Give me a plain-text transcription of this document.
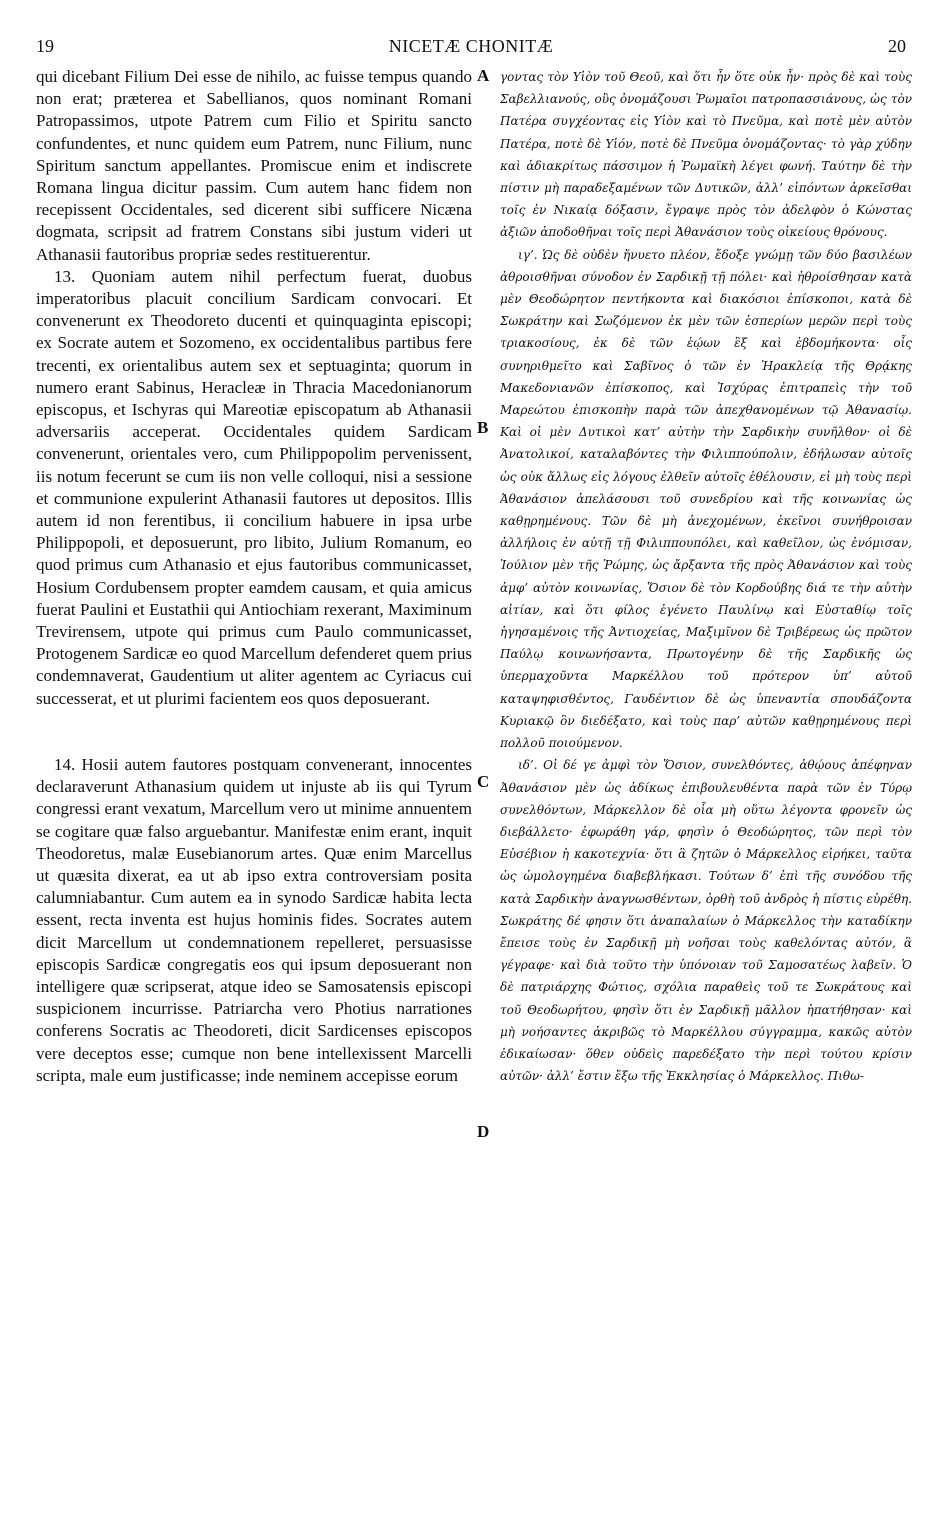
19	NICETÆ CHONITÆ	20

qui dicebant Filium Dei esse de nihilo, ac fuisse tempus quando non erat; præterea et Sabellianos, quos nominant Romani Patropassimos, utpote Patrem cum Filio et Spiritu sancto confundentes, et nunc quidem eum Patrem, nunc Filium, nunc Spiritum sanctum appellantes. Promiscue enim et indiscrete Romana lingua dicitur passim. Cum autem hanc fidem non recepissent Occidentales, sed dicerent sibi sufficere Nicæna dogmata, scripsit ad fratrem Constans sibi justum videri ut Athanasii fautoribus propriæ sedes restituerentur.

13. Quoniam autem nihil perfectum fuerat, duobus imperatoribus placuit concilium Sardicam convocari. Et convenerunt ex Theodoreto ducenti et quinquaginta episcopi; ex Socrate autem et Sozomeno, ex occidentalibus partibus fere trecenti, ex orientalibus autem sex et septuaginta; quorum in numero erant Sabinus, Heracleæ in Thracia Macedonianorum episcopus, et Ischyras qui Mareotiæ episcopatum ab Athanasii adversariis acceperat. Occidentales quidem Sardicam convenerunt, orientales vero, cum Philippopolim pervenissent, iis notum fecerunt se cum iis non velle colloqui, nisi a sessione et communione expulerint Athanasii fautores ut depositos. Illis autem id non ferentibus, ii concilium habuere in ipsa urbe Philippopoli, et deposuerunt, pro libito, Julium Romanum, eo quod primus cum Athanasio et ejus fautoribus communicasset, Hosium Cordubensem propter eamdem causam, et quia amicus fuerat Paulini et Eustathii qui Antiochiam rexerant, Maximinum Trevirensem, utpote qui primus cum Paulo communicasset, Protogenem Sardicæ eo quod Marcellum defenderet quem prius condemnaverat, Gaudentium ut aliter agentem ac Cyriacus cui successerat, et ut plurimi facientem eos quos deposuerant.

14. Hosii autem fautores postquam convenerant, innocentes declaraverunt Athanasium quidem ut injuste ab iis qui Tyrum congressi erant vexatum, Marcellum vero ut minime annuentem se cogitare quæ falso arguebantur. Manifestæ enim erant, inquit Theodoretus, malæ Eusebianorum artes. Quæ enim Marcellus ut quæsita dixerat, ea ut ab ipso extra controversiam posita calumniabantur. Cum autem ea in synodo Sardicæ habita lecta essent, recta inventa est hujus hominis fides. Socrates autem dicit Marcellum ut condemnationem repelleret, persuasisse episcopis Sardicæ congregatis eos qui ipsum deposuerant non intelligere quæ scripserat, atque ideo se Samosatensis episcopi suspicionem incurrisse. Patriarcha vero Photius narrationes conferens Socratis ac Theodoreti, dicit Sardicenses episcopos vere deceptos esse; cumque non bene intellexissent Marcelli scripta, male eum justificasse; inde neminem accepisse eorum

A
B
C
D

γοντας τὸν Υἱὸν τοῦ Θεοῦ, καὶ ὅτι ἦν ὅτε οὐκ ἦν· πρὸς δὲ καὶ τοὺς Σαβελλιανούς, οὓς ὀνομάζουσι Ῥωμαῖοι πατροπασσιάνους, ὡς τὸν Πατέρα συγχέοντας εἰς Υἱὸν καὶ τὸ Πνεῦμα, καὶ ποτὲ μὲν αὐτὸν Πατέρα, ποτὲ δὲ Υἱόν, ποτὲ δὲ Πνεῦμα ὀνομάζοντας· τὸ γὰρ χύδην καὶ ἀδιακρίτως πάσσιμον ἡ Ῥωμαϊκὴ λέγει φωνή. Ταύτην δὲ τὴν πίστιν μὴ παραδεξαμένων τῶν Δυτικῶν, ἀλλ’ εἰπόντων ἀρκεῖσθαι τοῖς ἐν Νικαίᾳ δόξασιν, ἔγραψε πρὸς τὸν ἀδελφὸν ὁ Κώνστας ἀξιῶν ἀποδοθῆναι τοῖς περὶ Ἀθανάσιον τοὺς οἰκείους θρόνους.

ιγ’. Ὡς δὲ οὐδὲν ἤνυετο πλέον, ἔδοξε γνώμῃ τῶν δύο βασιλέων ἀθροισθῆναι σύνοδον ἐν Σαρδικῇ τῇ πόλει· καὶ ἠθροίσθησαν κατὰ μὲν Θεοδώρητον πεντήκοντα καὶ διακόσιοι ἐπίσκοποι, κατὰ δὲ Σωκράτην καὶ Σωζόμενον ἐκ μὲν τῶν ἑσπερίων μερῶν περὶ τοὺς τριακοσίους, ἐκ δὲ τῶν ἑῴων ἓξ καὶ ἑβδομήκοντα· οἷς συνηριθμεῖτο καὶ Σαβῖνος ὁ τῶν ἐν Ἡρακλείᾳ τῆς Θρᾴκης Μακεδονιανῶν ἐπίσκοπος, καὶ Ἰσχύρας ἐπιτραπεὶς τὴν τοῦ Μαρεώτου ἐπισκοπὴν παρὰ τῶν ἀπεχθανομένων τῷ Ἀθανασίῳ. Καὶ οἱ μὲν Δυτικοὶ κατ’ αὐτὴν τὴν Σαρδικὴν συνῆλθον· οἱ δὲ Ἀνατολικοί, καταλαβόντες τὴν Φιλιππούπολιν, ἐδήλωσαν αὐτοῖς ὡς οὐκ ἄλλως εἰς λόγους ἐλθεῖν αὐτοῖς ἐθέλουσιν, εἰ μὴ τοὺς περὶ Ἀθανάσιον ἀπελάσουσι τοῦ συνεδρίου καὶ τῆς κοινωνίας ὡς καθῃρημένους. Τῶν δὲ μὴ ἀνεχομένων, ἐκεῖνοι συνήθροισαν ἀλλήλοις ἐν αὐτῇ τῇ Φιλιππουπόλει, καὶ καθεῖλον, ὡς ἐνόμισαν, Ἰούλιον μὲν τῆς Ῥώμης, ὡς ἄρξαντα τῆς πρὸς Ἀθανάσιον καὶ τοὺς ἀμφ’ αὐτὸν κοινωνίας, Ὅσιον δὲ τὸν Κορδούβης διά τε τὴν αὐτὴν αἰτίαν, καὶ ὅτι φίλος ἐγένετο Παυλίνῳ καὶ Εὐσταθίῳ τοῖς ἡγησαμένοις τῆς Ἀντιοχείας, Μαξιμῖνον δὲ Τριβέρεως ὡς πρῶτον Παύλῳ κοινωνήσαντα, Πρωτογένην δὲ τῆς Σαρδικῆς ὡς ὑπερμαχοῦντα Μαρκέλλου τοῦ πρότερον ὑπ’ αὐτοῦ καταψηφισθέντος, Γαυδέντιον δὲ ὡς ὑπεναντία σπουδάζοντα Κυριακῷ ὃν διεδέξατο, καὶ τοὺς παρ’ αὐτῶν καθῃρημένους περὶ πολλοῦ ποιούμενον.

ιδ’. Οἱ δέ γε ἀμφὶ τὸν Ὅσιον, συνελθόντες, ἀθῴους ἀπέφηναν Ἀθανάσιον μὲν ὡς ἀδίκως ἐπιβουλευθέντα παρὰ τῶν ἐν Τύρῳ συνελθόντων, Μάρκελλον δὲ οἷα μὴ οὕτω λέγοντα φρονεῖν ὡς διεβάλλετο· ἐφωράθη γάρ, φησὶν ὁ Θεοδώρητος, τῶν περὶ τὸν Εὐσέβιον ἡ κακοτεχνία· ὅτι ἃ ζητῶν ὁ Μάρκελλος εἰρήκει, ταῦτα ὡς ὡμολογημένα διαβεβλήκασι. Τούτων δ’ ἐπὶ τῆς συνόδου τῆς κατὰ Σαρδικὴν ἀναγνωσθέντων, ὀρθὴ τοῦ ἀνδρὸς ἡ πίστις εὑρέθη. Σωκράτης δέ φησιν ὅτι ἀναπαλαίων ὁ Μάρκελλος τὴν καταδίκην ἔπεισε τοὺς ἐν Σαρδικῇ μὴ νοῆσαι τοὺς καθελόντας αὐτόν, ἃ γέγραφε· καὶ διὰ τοῦτο τὴν ὑπόνοιαν τοῦ Σαμοσατέως λαβεῖν. Ὁ δὲ πατριάρχης Φώτιος, σχόλια παραθεὶς τοῦ τε Σωκράτους καὶ τοῦ Θεοδωρήτου, φησὶν ὅτι ἐν Σαρδικῇ μᾶλλον ἠπατήθησαν· καὶ μὴ νοήσαντες ἀκριβῶς τὸ Μαρκέλλου σύγγραμμα, κακῶς αὐτὸν ἐδικαίωσαν· ὅθεν οὐδεὶς παρεδέξατο τὴν περὶ τούτου κρίσιν αὐτῶν· ἀλλ’ ἔστιν ἔξω τῆς Ἐκκλησίας ὁ Μάρκελλος. Πιθω-
